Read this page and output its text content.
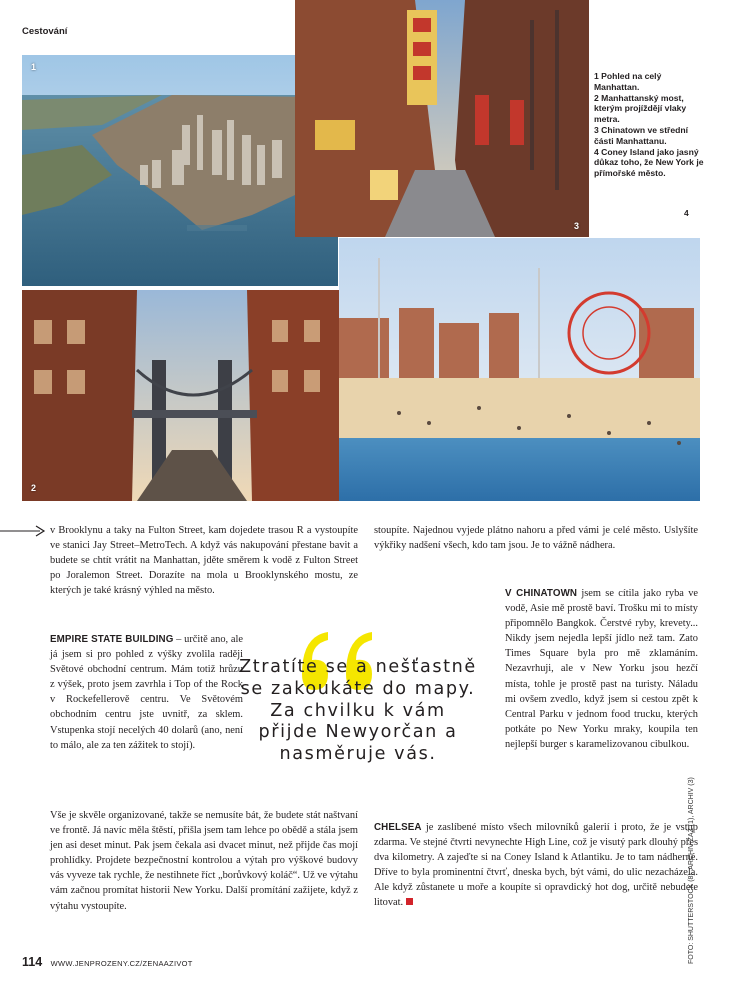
Cestování
1
3
1 Pohled na celý Manhattan.
2 Manhattanský most, kterým projíždějí vlaky metra.
3 Chinatown ve střední části Manhattanu.
4 Coney Island jako jasný důkaz toho, že New York je přímořské město.
4
2

v Brooklynu a taky na Fulton Street, kam dojedete trasou R a vystoupíte ve stanici Jay Street–MetroTech. A když vás nakupování přestane bavit a budete se chtít vrátit na Manhattan, jděte směrem k vodě z Fulton Street po Joralemon Street. Dorazíte na mola u Brooklynského mostu, ze kterých je také krásný výhled na město.

EMPIRE STATE BUILDING – určitě ano, ale já jsem si pro pohled z výšky zvolila raději Světové obchodní centrum. Mám totiž hrůzu z výšek, proto jsem zavrhla i Top of the Rock v Rockefellerově centru. Ve Světovém obchodním centru jste uvnitř, za sklem. Vstupenka stojí necelých 40 dolarů (ano, není to málo, ale za ten zážitek to stojí).

Vše je skvěle organizované, takže se nemusíte bát, že budete stát naštvaní ve frontě. Já navíc měla štěstí, přišla jsem tam lehce po obědě a stála jsem jen asi deset minut. Pak jsem čekala asi dvacet minut, než přijde čas mojí prohlídky. Projdete bezpečnostní kontrolou a výtah pro výškové budovy vás vyveze tak rychle, že nestihnete říct „borůvkový koláč“. Už ve výtahu vám začnou promítat historii New Yorku. Další promítání zažijete, když z výtahu vystoupíte.

stoupíte. Najednou vyjede plátno nahoru a před vámi je celé město. Uslyšíte výkřiky nadšení všech, kdo tam jsou. Je to vážně nádhera.

V CHINATOWN jsem se cítila jako ryba ve vodě, Asie mě prostě baví. Trošku mi to místy připomnělo Bangkok. Čerstvé ryby, krevety... Nikdy jsem nejedla lepší jídlo než tam. Zato Times Square byla pro mě zklamáním. Nezavrhuji, ale v New Yorku jsou hezčí místa, tohle je prostě past na turisty. Náladu mi ovšem zvedlo, když jsem si cestou zpět k Central Parku v jednom food trucku, kterých potkáte po New Yorku mraky, koupila ten nejlepší burger s karamelizovanou cibulkou.

CHELSEA je zaslíbené místo všech milovníků galerií i proto, že je vstup zdarma. Ve stejné čtvrti nevynechte High Line, což je visutý park dlouhý přes dva kilometry. A zajeďte si na Coney Island k Atlantiku. Je to tam nádherné. Dříve to byla prominentní čtvrť, dneska bych, být vámi, do ulic nezacházela. Ale když zůstanete u moře a koupíte si opravdický hot dog, určitě nebudete litovat.

Ztratíte se a nešťastně se zakoukáte do mapy. Za chvilku k vám přijde Newyorčan a nasměruje vás.
FOTO: SHUTTERSTOCK (8), ARCHIV ŽAŽ (1), ARCHIV (3)
114 WWW.JENPROZENY.CZ/ZENAAZIVOT
